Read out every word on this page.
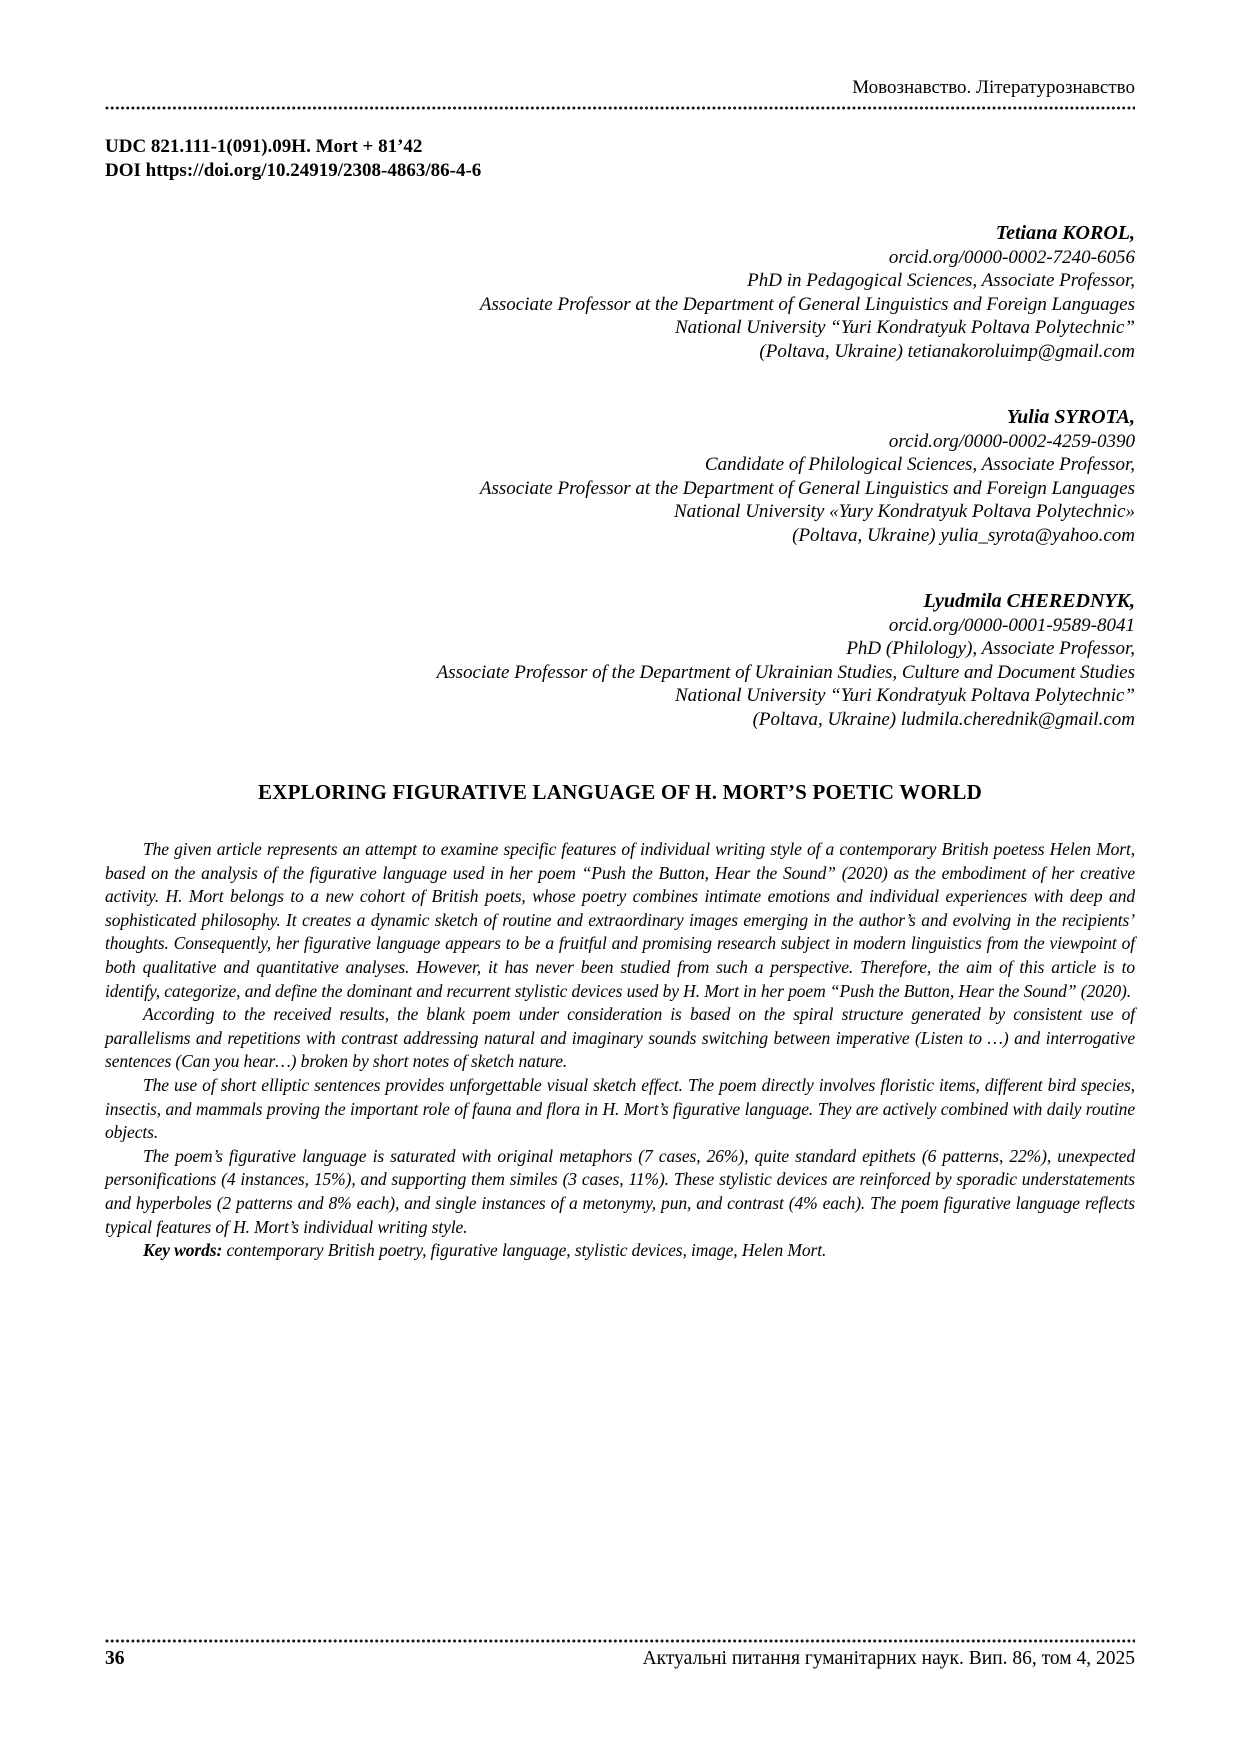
Мовознавство. Літературознавство
UDC 821.111-1(091).09H. Mort + 81’42
DOI https://doi.org/10.24919/2308-4863/86-4-6
Tetiana KOROL,
orcid.org/0000-0002-7240-6056
PhD in Pedagogical Sciences, Associate Professor,
Associate Professor at the Department of General Linguistics and Foreign Languages
National University “Yuri Kondratyuk Poltava Polytechnic”
(Poltava, Ukraine) tetianakoroluimp@gmail.com
Yulia SYROTA,
orcid.org/0000-0002-4259-0390
Candidate of Philological Sciences, Associate Professor,
Associate Professor at the Department of General Linguistics and Foreign Languages
National University «Yury Kondratyuk Poltava Polytechnic»
(Poltava, Ukraine) yulia_syrota@yahoo.com
Lyudmila CHEREDNYK,
orcid.org/0000-0001-9589-8041
PhD (Philology), Associate Professor,
Associate Professor of the Department of Ukrainian Studies, Culture and Document Studies
National University “Yuri Kondratyuk Poltava Polytechnic”
(Poltava, Ukraine) ludmila.cherednik@gmail.com
EXPLORING FIGURATIVE LANGUAGE OF H. MORT’S POETIC WORLD

The given article represents an attempt to examine specific features of individual writing style of a contemporary British poetess Helen Mort, based on the analysis of the figurative language used in her poem “Push the Button, Hear the Sound” (2020) as the embodiment of her creative activity. H. Mort belongs to a new cohort of British poets, whose poetry combines intimate emotions and individual experiences with deep and sophisticated philosophy. It creates a dynamic sketch of routine and extraordinary images emerging in the author’s and evolving in the recipients’ thoughts. Consequently, her figurative language appears to be a fruitful and promising research subject in modern linguistics from the viewpoint of both qualitative and quantitative analyses. However, it has never been studied from such a perspective. Therefore, the aim of this article is to identify, categorize, and define the dominant and recurrent stylistic devices used by H. Mort in her poem “Push the Button, Hear the Sound” (2020).

According to the received results, the blank poem under consideration is based on the spiral structure generated by consistent use of parallelisms and repetitions with contrast addressing natural and imaginary sounds switching between imperative (Listen to …) and interrogative sentences (Can you hear…) broken by short notes of sketch nature.

The use of short elliptic sentences provides unforgettable visual sketch effect. The poem directly involves floristic items, different bird species, insectis, and mammals proving the important role of fauna and flora in H. Mort’s figurative language. They are actively combined with daily routine objects.

The poem’s figurative language is saturated with original metaphors (7 cases, 26%), quite standard epithets (6 patterns, 22%), unexpected personifications (4 instances, 15%), and supporting them similes (3 cases, 11%). These stylistic devices are reinforced by sporadic understatements and hyperboles (2 patterns and 8% each), and single instances of a metonymy, pun, and contrast (4% each). The poem figurative language reflects typical features of H. Mort’s individual writing style.

Key words: contemporary British poetry, figurative language, stylistic devices, image, Helen Mort.

36	Актуальні питання гуманітарних наук. Вип. 86, том 4, 2025
